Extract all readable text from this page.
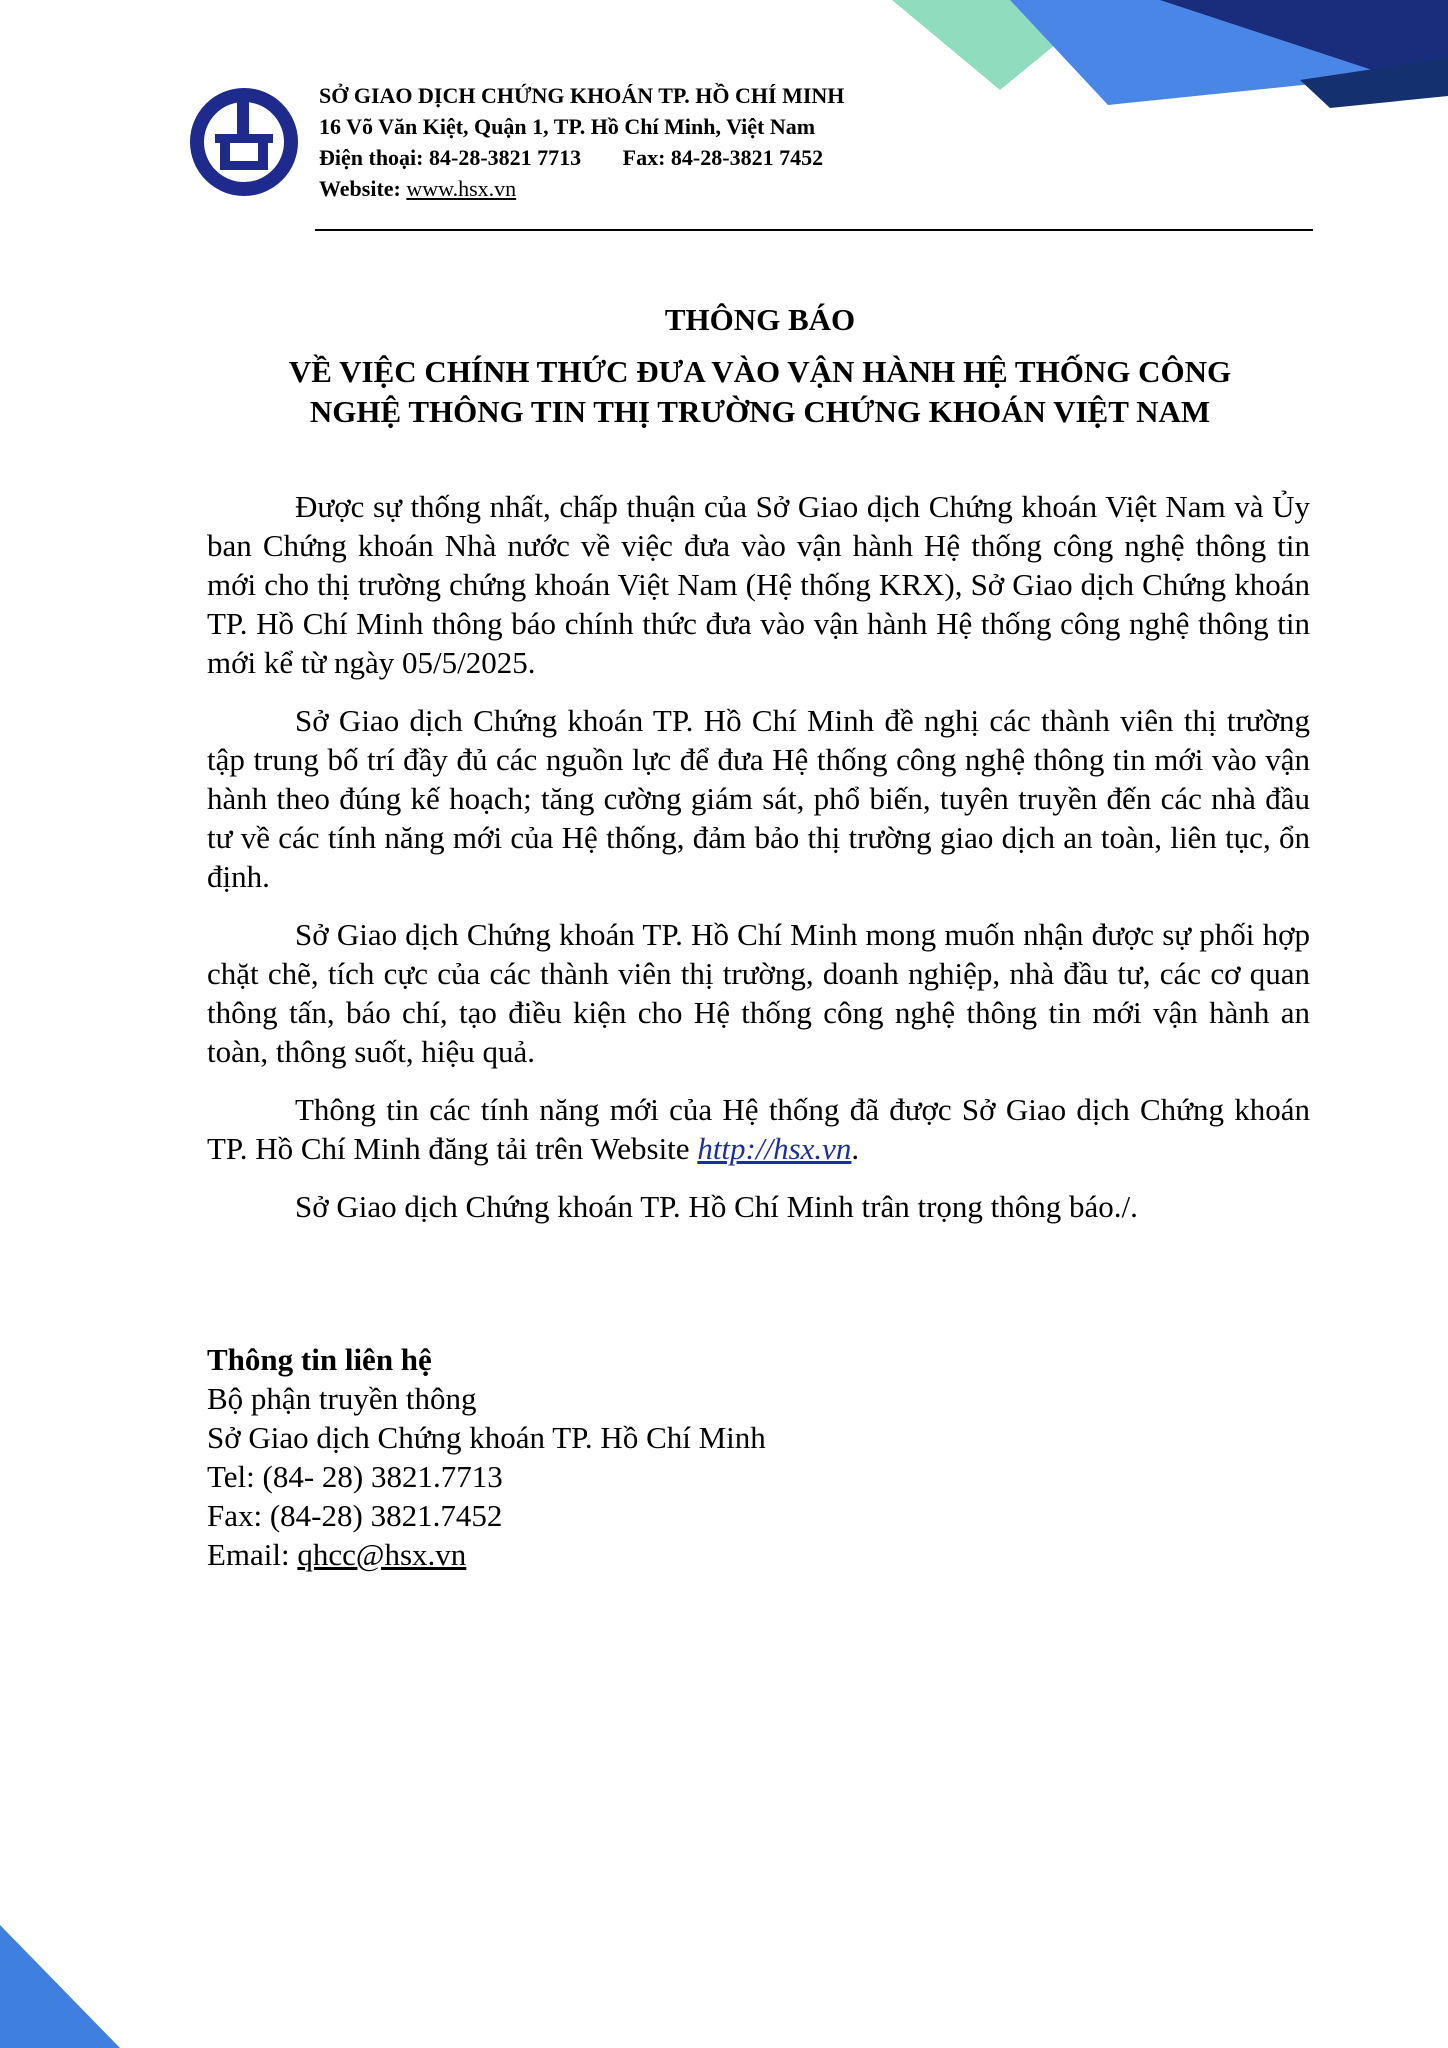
SỞ GIAO DỊCH CHỨNG KHOÁN TP. HỒ CHÍ MINH
16 Võ Văn Kiệt, Quận 1, TP. Hồ Chí Minh, Việt Nam
Điện thoại: 84-28-3821 7713 Fax: 84-28-3821 7452
Website: www.hsx.vn
THÔNG BÁO
VỀ VIỆC CHÍNH THỨC ĐƯA VÀO VẬN HÀNH HỆ THỐNG CÔNG
NGHỆ THÔNG TIN THỊ TRƯỜNG CHỨNG KHOÁN VIỆT NAM

Được sự thống nhất, chấp thuận của Sở Giao dịch Chứng khoán Việt Nam và Ủy ban Chứng khoán Nhà nước về việc đưa vào vận hành Hệ thống công nghệ thông tin mới cho thị trường chứng khoán Việt Nam (Hệ thống KRX), Sở Giao dịch Chứng khoán TP. Hồ Chí Minh thông báo chính thức đưa vào vận hành Hệ thống công nghệ thông tin mới kể từ ngày 05/5/2025.

Sở Giao dịch Chứng khoán TP. Hồ Chí Minh đề nghị các thành viên thị trường tập trung bố trí đầy đủ các nguồn lực để đưa Hệ thống công nghệ thông tin mới vào vận hành theo đúng kế hoạch; tăng cường giám sát, phổ biến, tuyên truyền đến các nhà đầu tư về các tính năng mới của Hệ thống, đảm bảo thị trường giao dịch an toàn, liên tục, ổn định.

Sở Giao dịch Chứng khoán TP. Hồ Chí Minh mong muốn nhận được sự phối hợp chặt chẽ, tích cực của các thành viên thị trường, doanh nghiệp, nhà đầu tư, các cơ quan thông tấn, báo chí, tạo điều kiện cho Hệ thống công nghệ thông tin mới vận hành an toàn, thông suốt, hiệu quả.

Thông tin các tính năng mới của Hệ thống đã được Sở Giao dịch Chứng khoán TP. Hồ Chí Minh đăng tải trên Website http://hsx.vn.

Sở Giao dịch Chứng khoán TP. Hồ Chí Minh trân trọng thông báo./.

Thông tin liên hệ
Bộ phận truyền thông
Sở Giao dịch Chứng khoán TP. Hồ Chí Minh
Tel: (84- 28) 3821.7713
Fax: (84-28) 3821.7452
Email: qhcc@hsx.vn
